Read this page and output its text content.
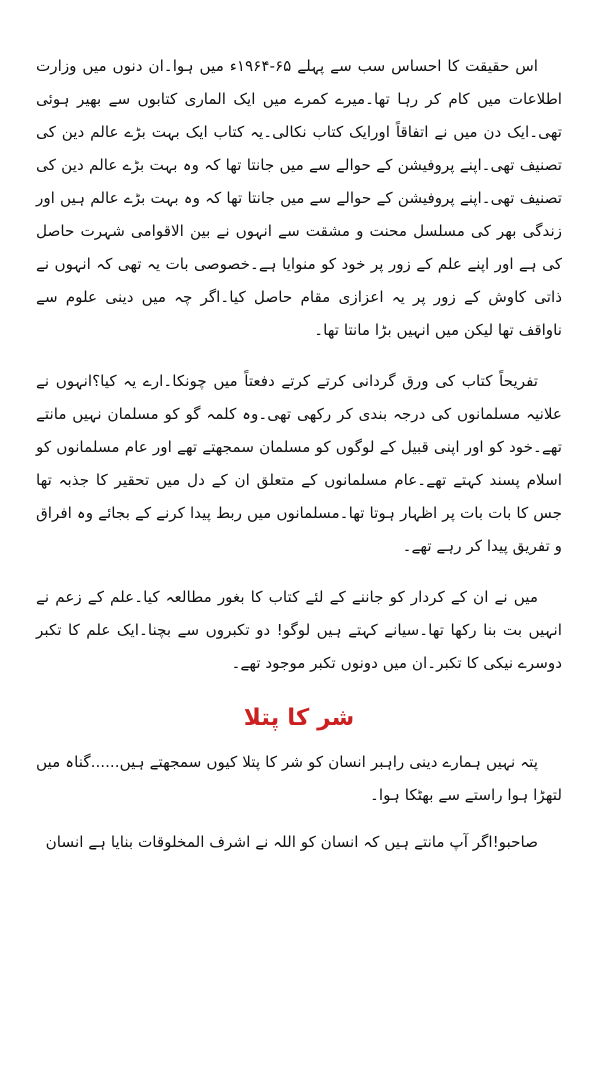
اس حقیقت کا احساس سب سے پہلے ۶۵-۱۹۶۴ء میں ہوا۔ان دنوں میں وزارت اطلاعات میں کام کر رہا تھا۔میرے کمرے میں ایک الماری کتابوں سے بھیر ہوئی تھی۔ایک دن میں نے اتفاقاً اورایک کتاب نکالی۔یہ کتاب ایک بہت بڑے عالم دین کی تصنیف تھی۔اپنے پروفیشن کے حوالے سے میں جانتا تھا کہ وہ بہت بڑے عالم دین کی تصنیف تھی۔اپنے پروفیشن کے حوالے سے میں جانتا تھا کہ وہ بہت بڑے عالم ہیں اور زندگی بھر کی مسلسل محنت و مشقت سے انہوں نے بین الاقوامی شہرت حاصل کی ہے اور اپنے علم کے زور پر خود کو منوایا ہے۔خصوصی بات یہ تھی کہ انہوں نے ذاتی کاوش کے زور پر یہ اعزازی مقام حاصل کیا۔اگر چہ میں دینی علوم سے ناواقف تھا لیکن میں انہیں بڑا مانتا تھا۔

تفریحاً کتاب کی ورق گردانی کرتے کرتے دفعتاً میں چونکا۔ارے یہ کیا؟انہوں نے علانیہ مسلمانوں کی درجہ بندی کر رکھی تھی۔وہ کلمہ گو کو مسلمان نہیں مانتے تھے۔خود کو اور اپنی قبیل کے لوگوں کو مسلمان سمجھتے تھے اور عام مسلمانوں کو اسلام پسند کہتے تھے۔عام مسلمانوں کے متعلق ان کے دل میں تحقیر کا جذبہ تھا جس کا بات بات پر اظہار ہوتا تھا۔مسلمانوں میں ربط پیدا کرنے کے بجائے وہ افراق و تفریق پیدا کر رہے تھے۔

میں نے ان کے کردار کو جاننے کے لئے کتاب کا بغور مطالعہ کیا۔علم کے زعم نے انہیں بت بنا رکھا تھا۔سیانے کہتے ہیں لوگو! دو تکبروں سے بچنا۔ایک علم کا تکبر دوسرے نیکی کا تکبر۔ان میں دونوں تکبر موجود تھے۔

شر کا پتلا

پتہ نہیں ہمارے دینی راہبر انسان کو شر کا پتلا کیوں سمجھتے ہیں......گناہ میں لتھڑا ہوا راستے سے بھٹکا ہوا۔

صاحبو!اگر آپ مانتے ہیں کہ انسان کو اللہ نے اشرف المخلوقات بنایا ہے انسان
